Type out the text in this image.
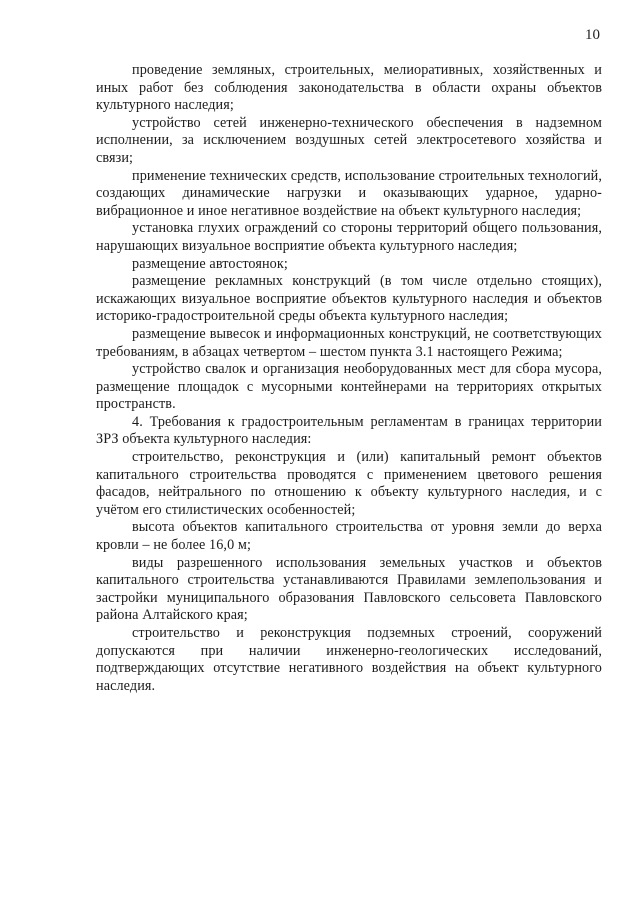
10

проведение земляных, строительных, мелиоративных, хозяйственных и иных работ без соблюдения законодательства в области охраны объектов культурного наследия;

устройство сетей инженерно-технического обеспечения в надземном исполнении, за исключением воздушных сетей электросетевого хозяйства и связи;

применение технических средств, использование строительных технологий, создающих динамические нагрузки и оказывающих ударное, ударно-вибрационное и иное негативное воздействие на объект культурного наследия;

установка глухих ограждений со стороны территорий общего пользования, нарушающих визуальное восприятие объекта культурного наследия;

размещение автостоянок;

размещение рекламных конструкций (в том числе отдельно стоящих), искажающих визуальное восприятие объектов культурного наследия и объектов историко-градостроительной среды объекта культурного наследия;

размещение вывесок и информационных конструкций, не соответствующих требованиям, в абзацах четвертом – шестом пункта 3.1 настоящего Режима;

устройство свалок и организация необорудованных мест для сбора мусора, размещение площадок с мусорными контейнерами на территориях открытых пространств.

4. Требования к градостроительным регламентам в границах территории ЗРЗ объекта культурного наследия:

строительство, реконструкция и (или) капитальный ремонт объектов капитального строительства проводятся с применением цветового решения фасадов, нейтрального по отношению к объекту культурного наследия, и с учётом его стилистических особенностей;

высота объектов капитального строительства от уровня земли до верха кровли – не более 16,0 м;

виды разрешенного использования земельных участков и объектов капитального строительства устанавливаются Правилами землепользования и застройки муниципального образования Павловского сельсовета Павловского района Алтайского края;

строительство и реконструкция подземных строений, сооружений допускаются при наличии инженерно-геологических исследований, подтверждающих отсутствие негативного воздействия на объект культурного наследия.
